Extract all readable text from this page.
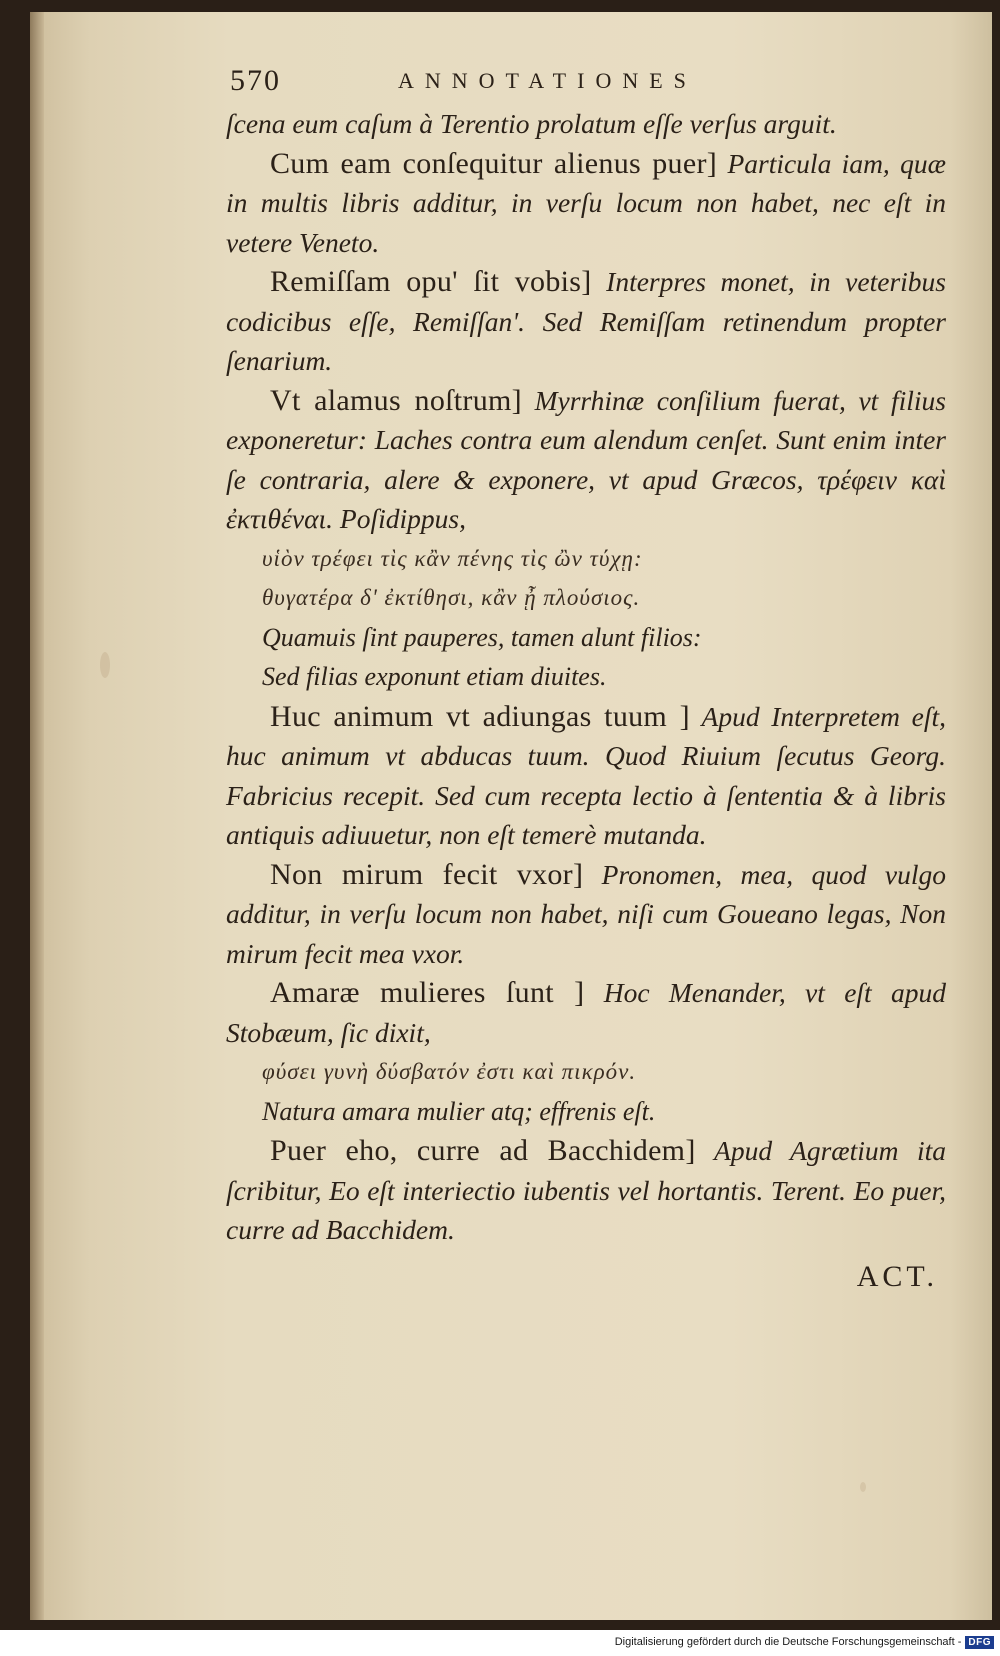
570	ANNOTATIONES

ſcena eum caſum à Terentio prolatum eſſe verſus arguit.

Cum eam conſequitur alienus puer] Particula iam, quæ in multis libris additur, in verſu locum non habet, nec eſt in vetere Veneto.

Remiſſam opu' ſit vobis] Interpres monet, in veteribus codicibus eſſe, Remiſſan'. Sed Remiſſam retinendum propter ſenarium.

Vt alamus noſtrum] Myrrhinæ conſilium fuerat, vt filius exponeretur: Laches contra eum alendum cenſet. Sunt enim inter ſe contraria, alere & exponere, vt apud Græcos, τρέφειν καὶ ἐκτιθέναι. Poſidippus,

υἱὸν τρέφει τὶς κἂν πένης τὶς ὢν τύχῃ:

θυγατέρα δ' ἐκτίθησι, κἂν ᾖ πλούσιος.

Quamuis ſint pauperes, tamen alunt filios:

Sed filias exponunt etiam diuites.

Huc animum vt adiungas tuum ] Apud Interpretem eſt, huc animum vt abducas tuum. Quod Riuium ſecutus Georg. Fabricius recepit. Sed cum recepta lectio à ſententia & à libris antiquis adiuuetur, non eſt temerè mutanda.

Non mirum fecit vxor] Pronomen, mea, quod vulgo additur, in verſu locum non habet, niſi cum Goueano legas, Non mirum fecit mea vxor.

Amaræ mulieres ſunt ] Hoc Menander, vt eſt apud Stobæum, ſic dixit,

φύσει γυνὴ δύσβατόν ἐστι καὶ πικρόν.

Natura amara mulier atq; effrenis eſt.

Puer eho, curre ad Bacchidem] Apud Agrætium ita ſcribitur, Eo eſt interiectio iubentis vel hortantis. Terent. Eo puer, curre ad Bacchidem.

ACT.
Digitalisierung gefördert durch die Deutsche Forschungsgemeinschaft - DFG
